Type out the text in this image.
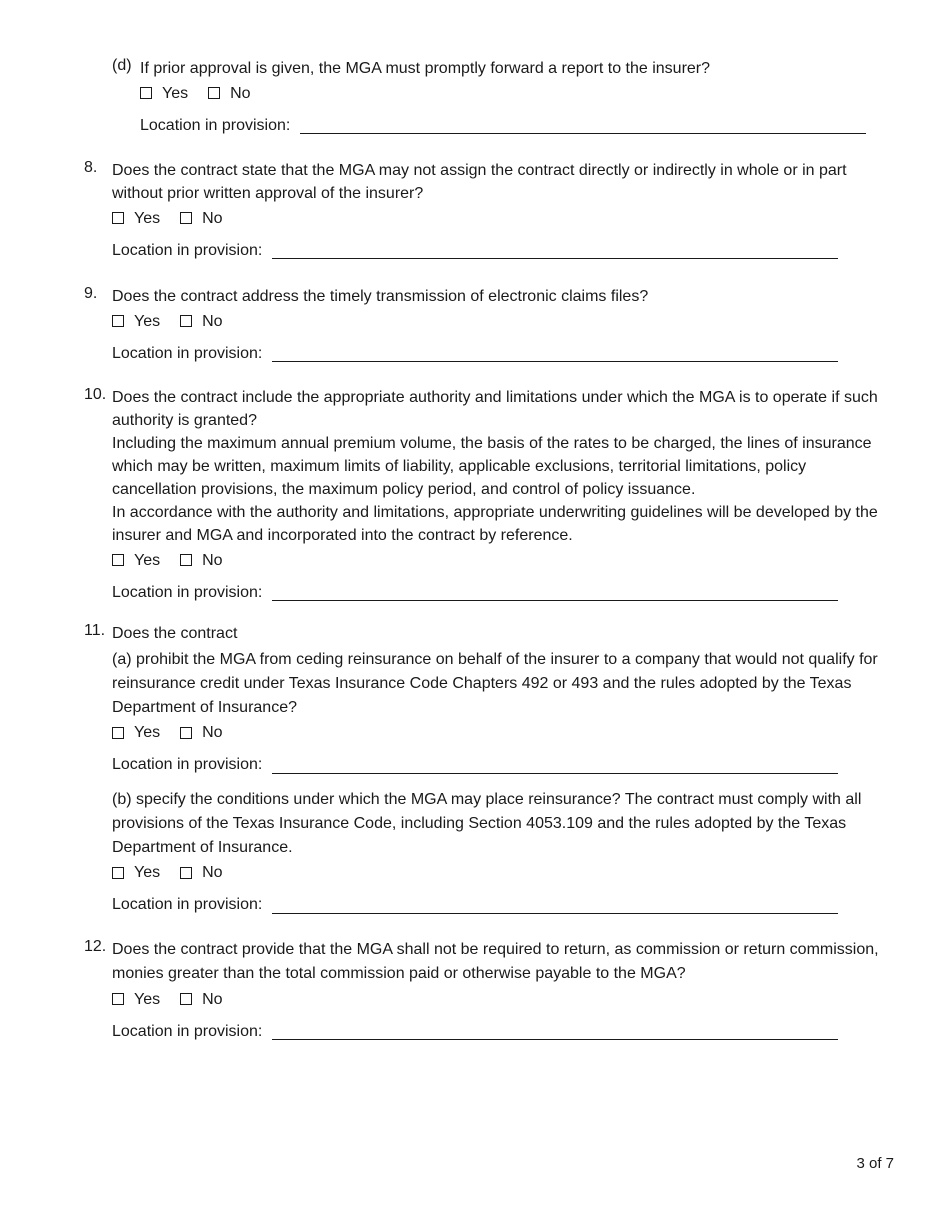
(d) If prior approval is given, the MGA must promptly forward a report to the insurer?
Yes	No
Location in provision:
8. Does the contract state that the MGA may not assign the contract directly or indirectly in whole or in part without prior written approval of the insurer?
Yes	No
Location in provision:
9. Does the contract address the timely transmission of electronic claims files?
Yes	No
Location in provision:
10. Does the contract include the appropriate authority and limitations under which the MGA is to operate if such authority is granted?

Including the maximum annual premium volume, the basis of the rates to be charged, the lines of insurance which may be written, maximum limits of liability, applicable exclusions, territorial limitations, policy cancellation provisions, the maximum policy period, and control of policy issuance.

In accordance with the authority and limitations, appropriate underwriting guidelines will be developed by the insurer and MGA and incorporated into the contract by reference.

Yes	No
Location in provision:
11. Does the contract

(a) prohibit the MGA from ceding reinsurance on behalf of the insurer to a company that would not qualify for reinsurance credit under Texas Insurance Code Chapters 492 or 493 and the rules adopted by the Texas Department of Insurance?

Yes	No
Location in provision:

(b) specify the conditions under which the MGA may place reinsurance? The contract must comply with all provisions of the Texas Insurance Code, including Section 4053.109 and the rules adopted by the Texas Department of Insurance.

Yes	No
Location in provision:
12. Does the contract provide that the MGA shall not be required to return, as commission or return commission, monies greater than the total commission paid or otherwise payable to the MGA?
Yes	No
Location in provision:
3 of 7
